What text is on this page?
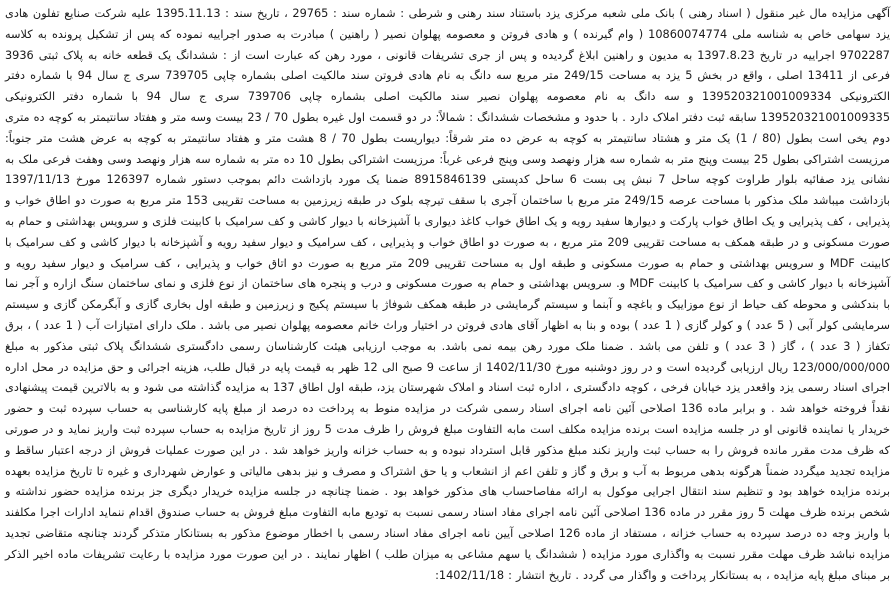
آگهی مزایده مال غیر منقول ( اسناد رهنی ) بانک ملی شعبه مرکزی یزد باستناد سند رهنی و شرطی : شماره سند : 29765 ، تاریخ سند : 1395.11.13 علیه شرکت صنایع تفلون هادی یزد سهامی خاص به شناسه ملی 10860074774 ( وام گیرنده ) و هادی فروتن و معصومه پهلوان نصیر ( راهنین ) مبادرت به صدور اجراییه نموده که پس از تشکیل پرونده به کلاسه 9702287 اجراییه در تاریخ 1397.8.23 به مدیون و راهنین ابلاغ گردیده و پس از جری تشریفات قانونی ، مورد رهن که عبارت است از : ششدانگ یک قطعه خانه به پلاک ثبتی 3936 فرعی از 13411 اصلی ، واقع در بخش 5 یزد به مساحت 249/15 متر مربع سه دانگ به نام هادی فروتن سند مالکیت اصلی بشماره چاپی 739705 سری ج سال 94 با شماره دفتر الکترونیکی 139520321001009334 و سه دانگ به نام معصومه پهلوان نصیر سند مالکیت اصلی بشماره چاپی 739706 سری ج سال 94 با شماره دفتر الکترونیکی 139520321001009335 سابقه ثبت دفتر املاک دارد . با حدود و مشخصات ششدانگ : شمالاً: در دو قسمت اول غیره بطول 70 / 23 بیست وسه متر و هفتاد سانتیمتر به کوچه ده متری دوم یخی است بطول (80 / 1) یک متر و هشتاد سانتیمتر به کوچه به عرض ده متر شرقاً: دیواریست بطول 70 / 8 هشت متر و هفتاد سانتیمتر به کوچه به عرض هشت متر جنوباً: مرزیست اشتراکی بطول 25 بیست وپنج متر به شماره سه هزار ونهصد وسی وپنج فرعی غرباً: مرزیست اشتراکی بطول 10 ده متر به شماره سه هزار ونهصد وسی وهفت فرعی ملک به نشانی یزد صفائیه بلوار طراوت کوچه ساحل 7 نبش پی بست 6 ساحل کدپستی 8915846139 ضمنا یک مورد بازداشت دائم بموجب دستور شماره 126397 مورخ 1397/11/13 بازداشت میباشد ملک مذکور با مساحت عرصه 249/15 متر مربع با ساختمان آجری با سقف تیرچه بلوک در طبقه زیرزمین به مساحت تقریبی 153 متر مربع به صورت دو اطاق خواب و پذیرایی ، کف پذیرایی و یک اطاق خواب پارکت و دیوارها سفید رویه و یک اطاق خواب کاغذ دیواری با آشپزخانه با دیوار کاشی و کف سرامیک با کابینت فلزی و سرویس بهداشتی و حمام به صورت مسکونی و در طبقه همکف به مساحت تقریبی 209 متر مربع ، به صورت دو اطاق خواب و پذیرایی ، کف سرامیک و دیوار سفید رویه و آشپزخانه با دیوار کاشی و کف سرامیک با کابینت MDF و سرویس بهداشتی و حمام به صورت مسکونی و طبقه اول به مساحت تقریبی 209 متر مربع به صورت دو اتاق خواب و پذیرایی ، کف سرامیک و دیوار سفید رویه و آشپزخانه با دیوار کاشی و کف سرامیک با کابینت MDF و. سرویس بهداشتی و حمام به صورت مسکونی و درب و پنجره های ساختمان از نوع فلزی و نمای ساختمان سنگ ازاره و آجر نما با بندکشی و محوطه کف حیاط از نوع موزاییک و باغچه و آبنما و سیستم گرمایشی در طبقه همکف شوفاژ با سیستم پکیج و زیرزمین و طبقه اول بخاری گازی و آبگرمکن گازی و سیستم سرمایشی کولر آبی ( 5 عدد ) و کولر گازی ( 1 عدد ) بوده و بنا به اظهار آقای هادی فروتن در اختیار وراث خانم معصومه پهلوان نصیر می باشد . ملک دارای امتیازات آب ( 1 عدد ) ، برق تکفاز ( 3 عدد ) ، گاز ( 3 عدد ) و تلفن می باشد . ضمنا ملک مورد رهن بیمه نمی باشد. به موجب ارزیابی هیئت کارشناسان رسمی دادگستری ششدانگ پلاک ثبتی مذکور به مبلغ 123/000/000/000 ریال ارزیابی گردیده است و در روز دوشنبه مورخ 1402/11/30 از ساعت 9 صبح الی 12 ظهر به قیمت پایه در قبال طلب، هزینه اجرائی و حق مزایده در محل اداره اجرای اسناد رسمی یزد واقعدر یزد خیابان فرخی ، کوچه دادگستری ، اداره ثبت اسناد و املاک شهرستان یزد، طبقه اول اطاق 137 به مزایده گذاشته می شود و به بالاترین قیمت پیشنهادی نقداً فروخته خواهد شد . و برابر ماده 136 اصلاحی آئین نامه اجرای اسناد رسمی شرکت در مزایده منوط به پرداخت ده درصد از مبلغ پایه کارشناسی به حساب سپرده ثبت و حضور خریدار یا نماینده قانونی او در جلسه مزایده است برنده مزایده مکلف است مابه التفاوت مبلغ فروش را ظرف مدت 5 روز از تاریخ مزایده به حساب سپرده ثبت واریز نماید و در صورتی که ظرف مدت مقرر مانده فروش را به حساب ثبت واریز نکند مبلغ مذکور قابل استرداد نبوده و به حساب خزانه واریز خواهد شد . در این صورت عملیات فروش از درجه اعتبار ساقط و مزایده تجدید میگردد ضمناً هرگونه بدهی مربوط به آب و برق و گاز و تلفن اعم از انشعاب و یا حق اشتراک و مصرف و نیز بدهی مالیاتی و عوارض شهرداری و غیره تا تاریخ مزایده بعهده برنده مزایده خواهد بود و تنظیم سند انتقال اجرایی موکول به ارائه مفاصاحساب های مذکور خواهد بود . ضمنا چنانچه در جلسه مزایده خریدار دیگری جز برنده مزایده حضور نداشته و شخص برنده ظرف مهلت 5 روز مقرر در ماده 136 اصلاحی آئین نامه اجرای مفاد اسناد رسمی نسبت به تودیع مابه التفاوت مبلغ فروش به حساب صندوق اقدام ننماید ادارات اجرا مکلفند با واریز وجه ده درصد سپرده به حساب خزانه ، مستفاد از ماده 126 اصلاحی آیین نامه اجرای مفاد اسناد رسمی با اخطار موضوع مذکور به بستانکار متذکر گردند چنانچه متقاضی تجدید مزایده نباشد ظرف مهلت مقرر نسبت به واگذاری مورد مزایده ( ششدانگ یا سهم مشاعی به میزان طلب ) اظهار نمایند . در این صورت مورد مزایده با رعایت تشریفات ماده اخیر الذکر بر مبنای مبلغ پایه مزایده ، به بستانکار پرداخت و واگذار می گردد . تاریخ انتشار : 1402/11/18:
